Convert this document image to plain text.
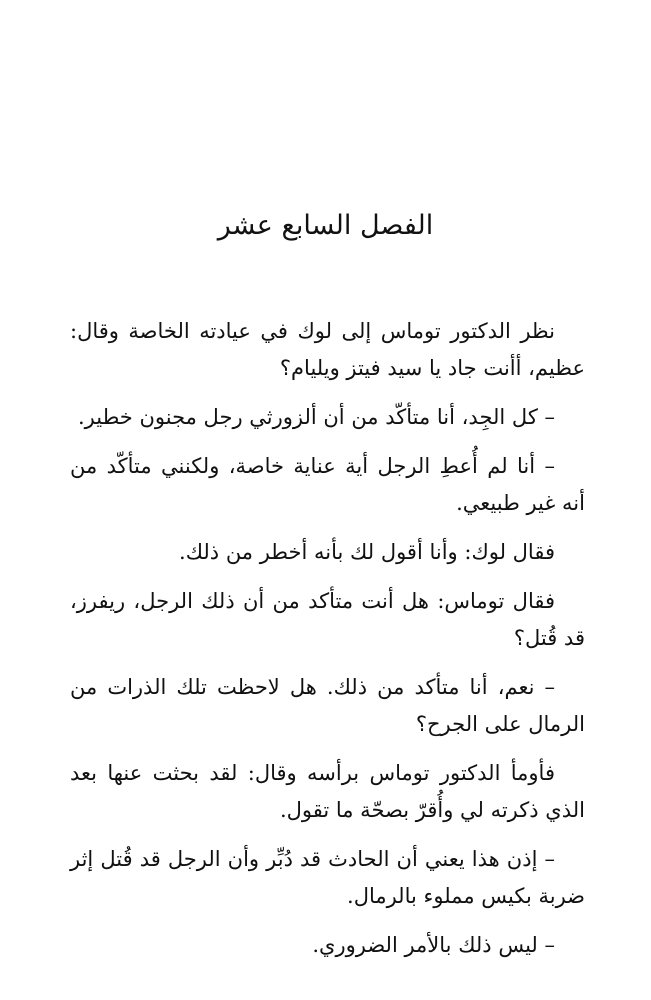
الفصل السابع عشر

نظر الدكتور توماس إلى لوك في عيادته الخاصة وقال: عظيم، أأنت جاد يا سيد فيتز ويليام؟

– كل الجِد، أنا متأكّد من أن ألزورثي رجل مجنون خطير.

– أنا لم أُعطِ الرجل أية عناية خاصة، ولكنني متأكّد من أنه غير طبيعي.

فقال لوك: وأنا أقول لك بأنه أخطر من ذلك.

فقال توماس: هل أنت متأكد من أن ذلك الرجل، ريفرز، قد قُتل؟

– نعم، أنا متأكد من ذلك. هل لاحظت تلك الذرات من الرمال على الجرح؟

فأومأ الدكتور توماس برأسه وقال: لقد بحثت عنها بعد الذي ذكرته لي وأُقرّ بصحّة ما تقول.

– إذن هذا يعني أن الحادث قد دُبِّر وأن الرجل قد قُتل إثر ضربة بكيس مملوء بالرمال.

– ليس ذلك بالأمر الضروري.
